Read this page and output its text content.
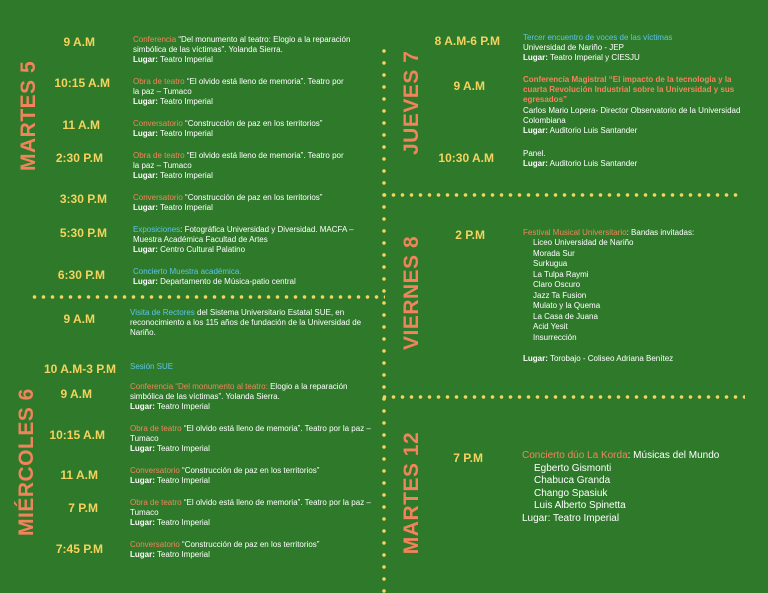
MARTES 5
MIÉRCOLES 6
JUEVES 7
VIERNES 8
MARTES 12
9 A.M	Conferencia “Del monumento al teatro: Elogio a la reparación simbólica de las víctimas”. Yolanda Sierra.
Lugar: Teatro Imperial
10:15 A.M	Obra de teatro “El olvido está lleno de memoria”. Teatro por la paz – Tumaco
Lugar: Teatro Imperial
11 A.M	Conversatorio “Construcción de paz en los territorios”
Lugar: Teatro Imperial
2:30 P.M	Obra de teatro “El olvido está lleno de memoria”. Teatro por la paz – Tumaco
Lugar: Teatro Imperial
3:30 P.M	Conversatorio “Construcción de paz en los territorios”
Lugar: Teatro Imperial
5:30 P.M	Exposiciones: Fotográfica Universidad y Diversidad. MACFA –Muestra Académica Facultad de Artes
Lugar: Centro Cultural Palatino
6:30 P.M	Concierto Muestra académica.
Lugar: Departamento de Música-patio central
9 A.M	Visita de Rectores del Sistema Universitario Estatal SUE, en reconocimiento a los 115 años de fundación de la Universidad de Nariño.
10 A.M-3 P.M Sesión SUE
9 A.M
Conferencia “Del monumento al teatro: Elogio a la reparación simbólica de las víctimas”. Yolanda Sierra.
Lugar: Teatro Imperial
10:15 A.M	Obra de teatro “El olvido está lleno de memoria”. Teatro por la paz – Tumaco
Lugar: Teatro Imperial
11 A.M	Conversatorio “Construcción de paz en los territorios”
Lugar: Teatro Imperial
7 P.M	Obra de teatro “El olvido está lleno de memoria”. Teatro por la paz – Tumaco
Lugar: Teatro Imperial
7:45 P.M	Conversatorio “Construcción de paz en los territorios”
Lugar: Teatro Imperial
8 A.M-6 P.M	Tercer encuentro de voces de las víctimas
Universidad de Nariño - JEP
Lugar: Teatro Imperial y CIESJU
9 A.M	Conferencia Magistral “El impacto de la tecnología y la cuarta Revolución Industrial sobre la Universidad y sus egresados”
Carlos Mario Lopera- Director Observatorio de la Universidad Colombiana
Lugar: Auditorio Luis Santander
10:30 A.M	Panel.
Lugar: Auditorio Luis Santander
2 P.M	Festival Musical Universitario: Bandas invitadas:
Liceo Universidad de Nariño
Morada Sur
Surkugua
La Tulpa Raymi
Claro Oscuro
Jazz Ta Fusion
Mulato y la Quema
La Casa de Juana
Acid Yesit
Insurrección
Lugar: Torobajo - Coliseo Adriana Benítez
7 P.M	Concierto dúo La Korda: Músicas del Mundo
Egberto Gismonti
Chabuca Granda
Chango Spasiuk
Luis Alberto Spinetta
Lugar: Teatro Imperial
